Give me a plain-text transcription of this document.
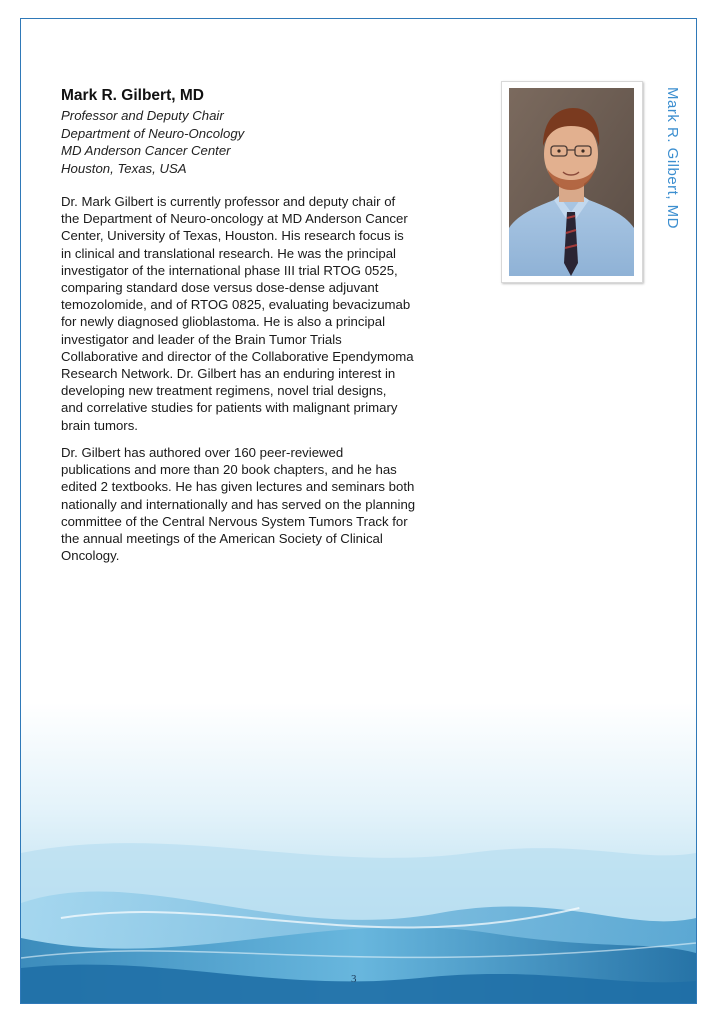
Mark R. Gilbert, MD
Professor and Deputy Chair
Department of Neuro-Oncology
MD Anderson Cancer Center
Houston, Texas, USA
Dr. Mark Gilbert is currently professor and deputy chair of
the Department of Neuro-oncology at MD Anderson Cancer
Center, University of Texas, Houston. His research focus is
in clinical and translational research. He was the principal
investigator of the international phase III trial RTOG 0525,
comparing standard dose versus dose-dense adjuvant
temozolomide, and of RTOG 0825, evaluating bevacizumab
for newly diagnosed glioblastoma. He is also a principal
investigator and leader of the Brain Tumor Trials
Collaborative and director of the Collaborative Ependymoma
Research Network. Dr. Gilbert has an enduring interest in
developing new treatment regimens, novel trial designs,
and correlative studies for patients with malignant primary
brain tumors.
Dr. Gilbert has authored over 160 peer-reviewed
publications and more than 20 book chapters, and he has
edited 2 textbooks. He has given lectures and seminars both
nationally and internationally and has served on the planning
committee of the Central Nervous System Tumors Track for
the annual meetings of the American Society of Clinical
Oncology.
Mark R. Gilbert, MD
3
